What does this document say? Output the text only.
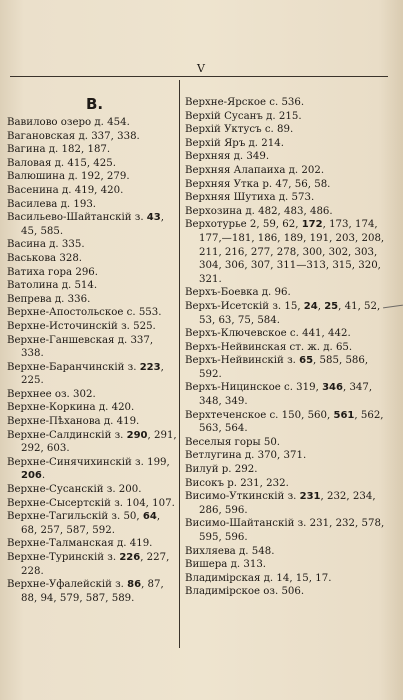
V
В.
Вавилово озеро д. 454.
Вагановская д. 337, 338.
Вагина д. 182, 187.
Валовая д. 415, 425.
Валюшина д. 192, 279.
Васенина д. 419, 420.
Василева д. 193.
Васильево-Шайтанскій з. 43, 45, 585.
Васина д. 335.
Васькова 328.
Ватиха гора 296.
Ватолина д. 514.
Вепрева д. 336.
Верхне-Апостольское с. 553.
Верхне-Источинскій з. 525.
Верхне-Ганшевская д. 337, 338.
Верхне-Баранчинскій з. 223, 225.
Верхнее оз. 302.
Верхне-Коркина д. 420.
Верхне-Пѣханова д. 419.
Верхне-Салдинскій з. 290, 291, 292, 603.
Верхне-Синячихинскій з. 199, 206.
Верхне-Сусанскій з. 200.
Верхне-Сысертскій з. 104, 107.
Верхне-Тагильскій з. 50, 64, 68, 257, 587, 592.
Верхне-Талманская д. 419.
Верхне-Туринскій з. 226, 227, 228.
Верхне-Уфалейскій з. 86, 87, 88, 94, 579, 587, 589.
Верхне-Ярское с. 536.
Верхій Сусанъ д. 215.
Верхій Уктусъ с. 89.
Верхій Яръ д. 214.
Верхняя д. 349.
Верхняя Алапаиха д. 202.
Верхняя Утка р. 47, 56, 58.
Верхняя Шутиха д. 573.
Верхозина д. 482, 483, 486.
Верхотурье 2, 59, 62, 172, 173, 174, 177,—181, 186, 189, 191, 203, 208, 211, 216, 277, 278, 300, 302, 303, 304, 306, 307, 311—313, 315, 320, 321.
Верхъ-Боевка д. 96.
Верхъ-Исетскій з. 15, 24, 25, 41, 52, 53, 63, 75, 584.
Верхъ-Ключевское с. 441, 442.
Верхъ-Нейвинская ст. ж. д. 65.
Верхъ-Нейвинскій з. 65, 585, 586, 592.
Верхъ-Ницинское с. 319, 346, 347, 348, 349.
Верхтеченское с. 150, 560, 561, 562, 563, 564.
Веселыя горы 50.
Ветлугина д. 370, 371.
Вилуй р. 292.
Високъ р. 231, 232.
Висимо-Уткинскій з. 231, 232, 234, 286, 596.
Висимо-Шайтанскій з. 231, 232, 578, 595, 596.
Вихляева д. 548.
Вишера д. 313.
Владимірская д. 14, 15, 17.
Владимірское оз. 506.
